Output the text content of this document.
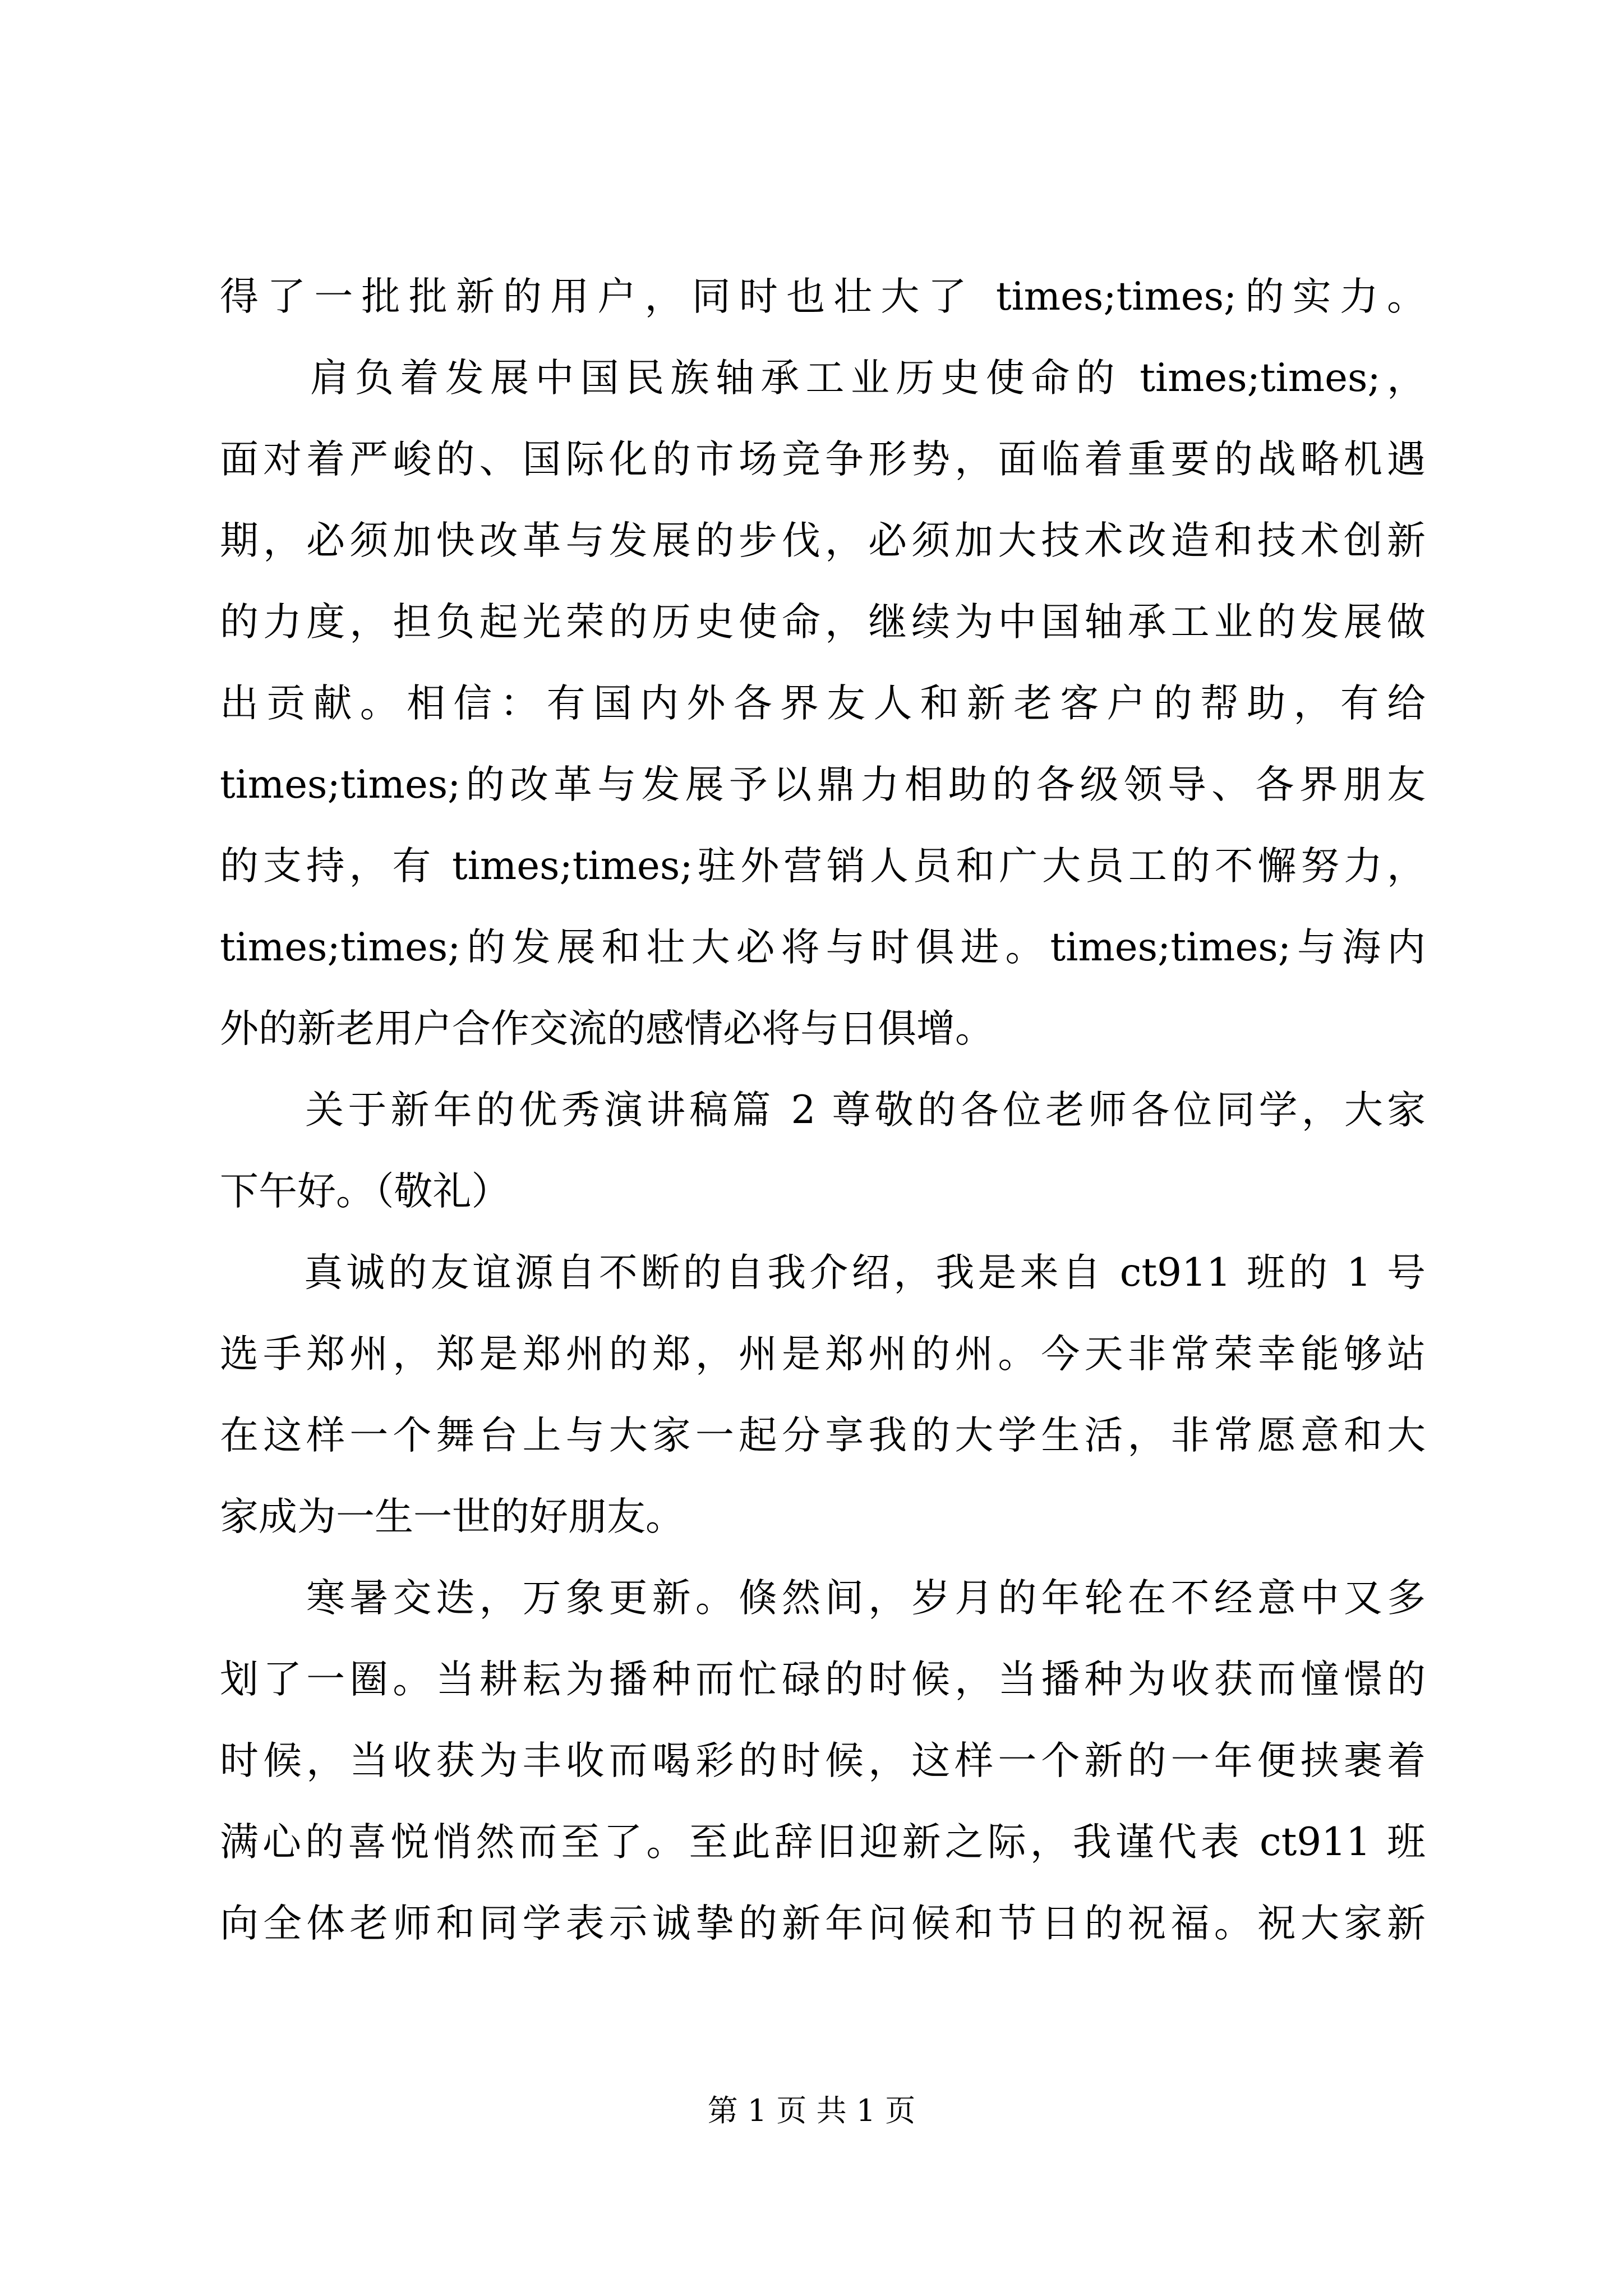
得了一批批新的用户，同时也壮大了 times;times;的实力。
　　肩负着发展中国民族轴承工业历史使命的 times;times;，
面对着严峻的、国际化的市场竞争形势，面临着重要的战略机遇
期，必须加快改革与发展的步伐，必须加大技术改造和技术创新
的力度，担负起光荣的历史使命，继续为中国轴承工业的发展做
出贡献。相信：有国内外各界友人和新老客户的帮助，有给
times;times;的改革与发展予以鼎力相助的各级领导、各界朋友
的支持，有 times;times;驻外营销人员和广大员工的不懈努力，
times;times;的发展和壮大必将与时俱进。times;times;与海内
外的新老用户合作交流的感情必将与日俱增。
　　关于新年的优秀演讲稿篇 2 尊敬的各位老师各位同学，大家
下午好。（敬礼）
　　真诚的友谊源自不断的自我介绍，我是来自 ct911 班的 1 号
选手郑州，郑是郑州的郑，州是郑州的州。今天非常荣幸能够站
在这样一个舞台上与大家一起分享我的大学生活，非常愿意和大
家成为一生一世的好朋友。
　　寒暑交迭，万象更新。倏然间，岁月的年轮在不经意中又多
划了一圈。当耕耘为播种而忙碌的时候，当播种为收获而憧憬的
时候，当收获为丰收而喝彩的时候，这样一个新的一年便挟裹着
满心的喜悦悄然而至了。至此辞旧迎新之际，我谨代表 ct911 班
向全体老师和同学表示诚挚的新年问候和节日的祝福。祝大家新
第 1 页 共 1 页
